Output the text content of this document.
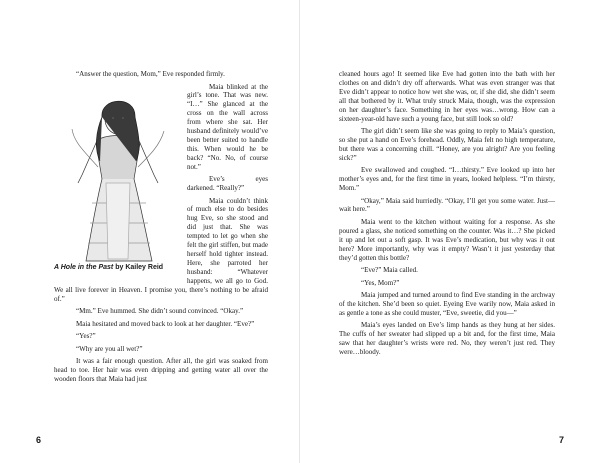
“Answer the question, Mom,” Eve responded firmly.

A Hole in the Past by Kailey Reid

Maia blinked at the girl’s tone. That was new. “I…” She glanced at the cross on the wall across from where she sat. Her husband definitely would’ve been better suited to handle this. When would he be back? “No. No, of course not.”

Eve’s eyes darkened. “Really?”

Maia couldn’t think of much else to do besides hug Eve, so she stood and did just that. She was tempted to let go when she felt the girl stiffen, but made herself hold tighter instead. Here, she parroted her husband: “Whatever happens, we all go to God. We all live forever in Heaven. I promise you, there’s nothing to be afraid of.”

“Mm.” Eve hummed. She didn’t sound convinced. “Okay.”

Maia hesitated and moved back to look at her daughter. “Eve?”

“Yes?”

“Why are you all wet?”

It was a fair enough question. After all, the girl was soaked from head to toe. Her hair was even dripping and getting water all over the wooden floors that Maia had just

6

cleaned hours ago! It seemed like Eve had gotten into the bath with her clothes on and didn’t dry off afterwards. What was even stranger was that Eve didn’t appear to notice how wet she was, or, if she did, she didn’t seem all that bothered by it. What truly struck Maia, though, was the expression on her daughter’s face. Something in her eyes was…wrong. How can a sixteen-year-old have such a young face, but still look so old?

The girl didn’t seem like she was going to reply to Maia’s question, so she put a hand on Eve’s forehead. Oddly, Maia felt no high temperature, but there was a concerning chill. “Honey, are you alright? Are you feeling sick?”

Eve swallowed and coughed. “I…thirsty.” Eve looked up into her mother’s eyes and, for the first time in years, looked helpless. “I’m thirsty, Mom.”

“Okay,” Maia said hurriedly. “Okay, I’ll get you some water. Just—wait here.”

Maia went to the kitchen without waiting for a response. As she poured a glass, she noticed something on the counter. Was it…? She picked it up and let out a soft gasp. It was Eve’s medication, but why was it out here? More importantly, why was it empty? Wasn’t it just yesterday that they’d gotten this bottle?

“Eve?” Maia called.

“Yes, Mom?”

Maia jumped and turned around to find Eve standing in the archway of the kitchen. She’d been so quiet. Eyeing Eve warily now, Maia asked in as gentle a tone as she could muster, “Eve, sweetie, did you—”

Maia’s eyes landed on Eve’s limp hands as they hung at her sides. The cuffs of her sweater had slipped up a bit and, for the first time, Maia saw that her daughter’s wrists were red. No, they weren’t just red. They were…bloody.

7
